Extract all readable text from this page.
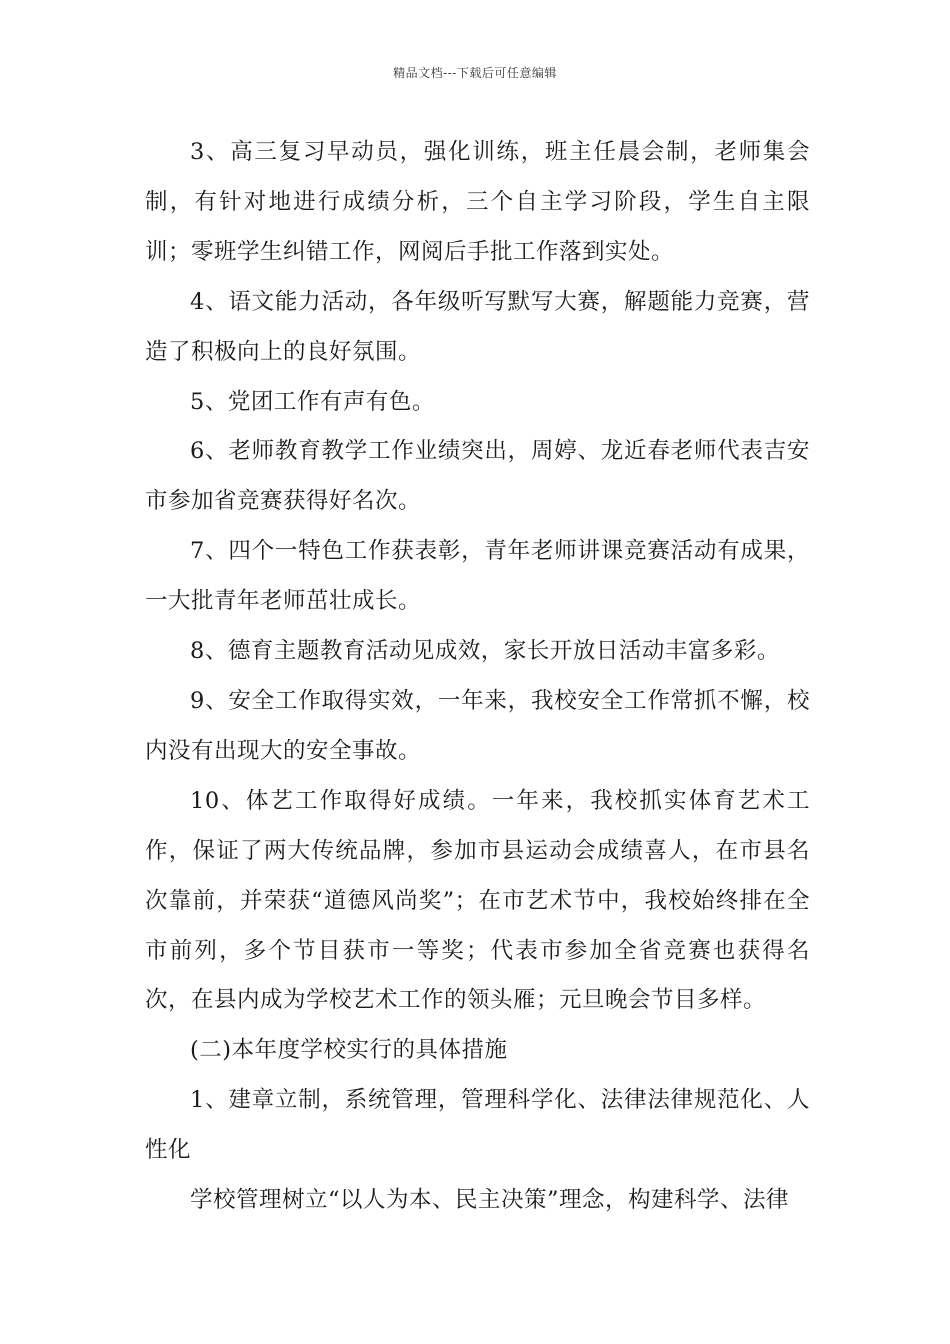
精品文档---下载后可任意编辑

3、高三复习早动员，强化训练，班主任晨会制，老师集会制，有针对地进行成绩分析，三个自主学习阶段，学生自主限训；零班学生纠错工作，网阅后手批工作落到实处。

4、语文能力活动，各年级听写默写大赛，解题能力竞赛，营造了积极向上的良好氛围。

5、党团工作有声有色。

6、老师教育教学工作业绩突出，周婷、龙近春老师代表吉安市参加省竞赛获得好名次。

7、四个一特色工作获表彰，青年老师讲课竞赛活动有成果，一大批青年老师茁壮成长。

8、德育主题教育活动见成效，家长开放日活动丰富多彩。

9、安全工作取得实效，一年来，我校安全工作常抓不懈，校内没有出现大的安全事故。

10、体艺工作取得好成绩。一年来，我校抓实体育艺术工作，保证了两大传统品牌，参加市县运动会成绩喜人，在市县名次靠前，并荣获“道德风尚奖”；在市艺术节中，我校始终排在全市前列，多个节目获市一等奖；代表市参加全省竞赛也获得名次，在县内成为学校艺术工作的领头雁；元旦晚会节目多样。

(二)本年度学校实行的具体措施

1、建章立制，系统管理，管理科学化、法律法律规范化、人性化

学校管理树立“以人为本、民主决策”理念，构建科学、法律
